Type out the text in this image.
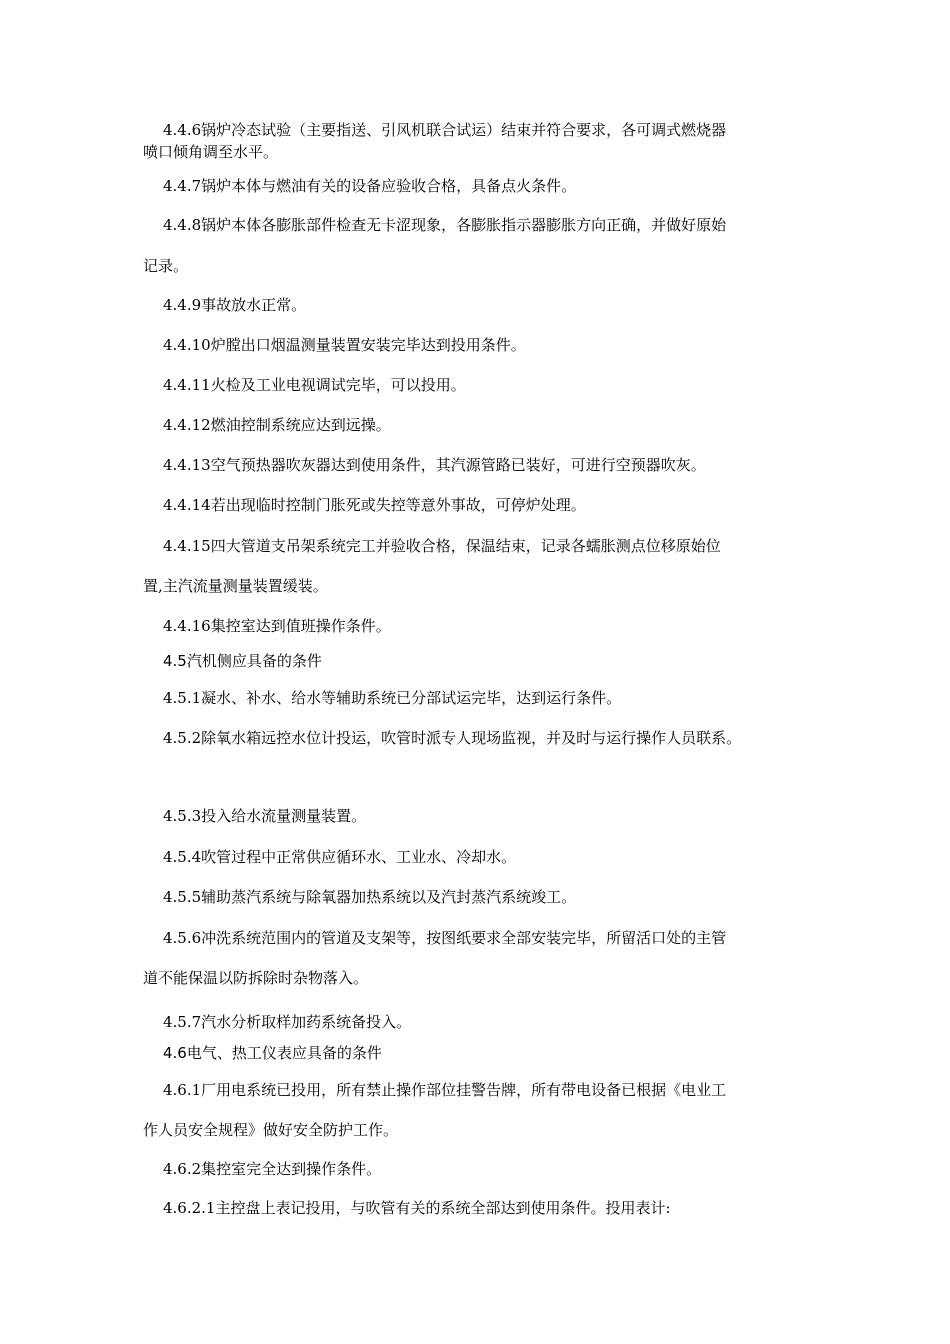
4.4.6锅炉冷态试验（主要指送、引风机联合试运）结束并符合要求，各可调式燃烧器

喷口倾角调至水平。

4.4.7锅炉本体与燃油有关的设备应验收合格，具备点火条件。

4.4.8锅炉本体各膨胀部件检查无卡涩现象，各膨胀指示器膨胀方向正确，并做好原始

记录。

4.4.9事故放水正常。

4.4.10炉膛出口烟温测量装置安装完毕达到投用条件。

4.4.11火检及工业电视调试完毕，可以投用。

4.4.12燃油控制系统应达到远操。

4.4.13空气预热器吹灰器达到使用条件，其汽源管路已装好，可进行空预器吹灰。

4.4.14若出现临时控制门胀死或失控等意外事故，可停炉处理。

4.4.15四大管道支吊架系统完工并验收合格，保温结束，记录各蠕胀测点位移原始位

置,主汽流量测量装置缓装。

4.4.16集控室达到值班操作条件。

4.5汽机侧应具备的条件

4.5.1凝水、补水、给水等辅助系统已分部试运完毕，达到运行条件。

4.5.2除氧水箱远控水位计投运，吹管时派专人现场监视，并及时与运行操作人员联系。

4.5.3投入给水流量测量装置。

4.5.4吹管过程中正常供应循环水、工业水、冷却水。

4.5.5辅助蒸汽系统与除氧器加热系统以及汽封蒸汽系统竣工。

4.5.6冲洗系统范围内的管道及支架等，按图纸要求全部安装完毕，所留活口处的主管

道不能保温以防拆除时杂物落入。

4.5.7汽水分析取样加药系统备投入。

4.6电气、热工仪表应具备的条件

4.6.1厂用电系统已投用，所有禁止操作部位挂警告牌，所有带电设备已根据《电业工

作人员安全规程》做好安全防护工作。

4.6.2集控室完全达到操作条件。

4.6.2.1主控盘上表记投用，与吹管有关的系统全部达到使用条件。投用表计:
